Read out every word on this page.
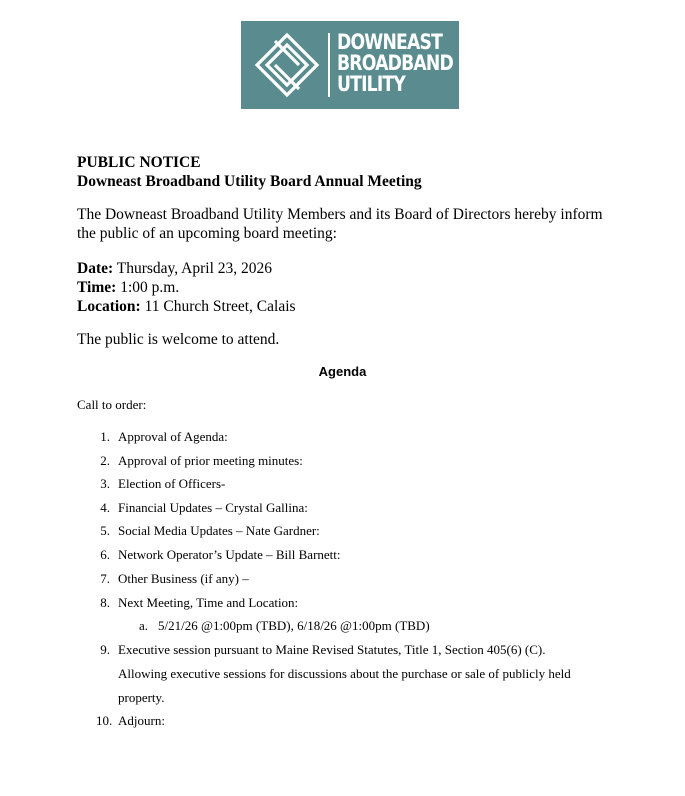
DOWNEAST
BROADBAND
UTILITY
PUBLIC NOTICE
Downeast Broadband Utility Board Annual Meeting
The Downeast Broadband Utility Members and its Board of Directors hereby inform the public of an upcoming board meeting:
Date: Thursday, April 23, 2026
Time: 1:00 p.m.
Location: 11 Church Street, Calais
The public is welcome to attend.
Agenda
Call to order:
1. Approval of Agenda:
2. Approval of prior meeting minutes:
3. Election of Officers-
4. Financial Updates – Crystal Gallina:
5. Social Media Updates – Nate Gardner:
6. Network Operator’s Update – Bill Barnett:
7. Other Business (if any) –
8. Next Meeting, Time and Location:
a. 5/21/26 @1:00pm (TBD), 6/18/26 @1:00pm (TBD)
9. Executive session pursuant to Maine Revised Statutes, Title 1, Section 405(6) (C).
Allowing executive sessions for discussions about the purchase or sale of publicly held
property.
10. Adjourn:
